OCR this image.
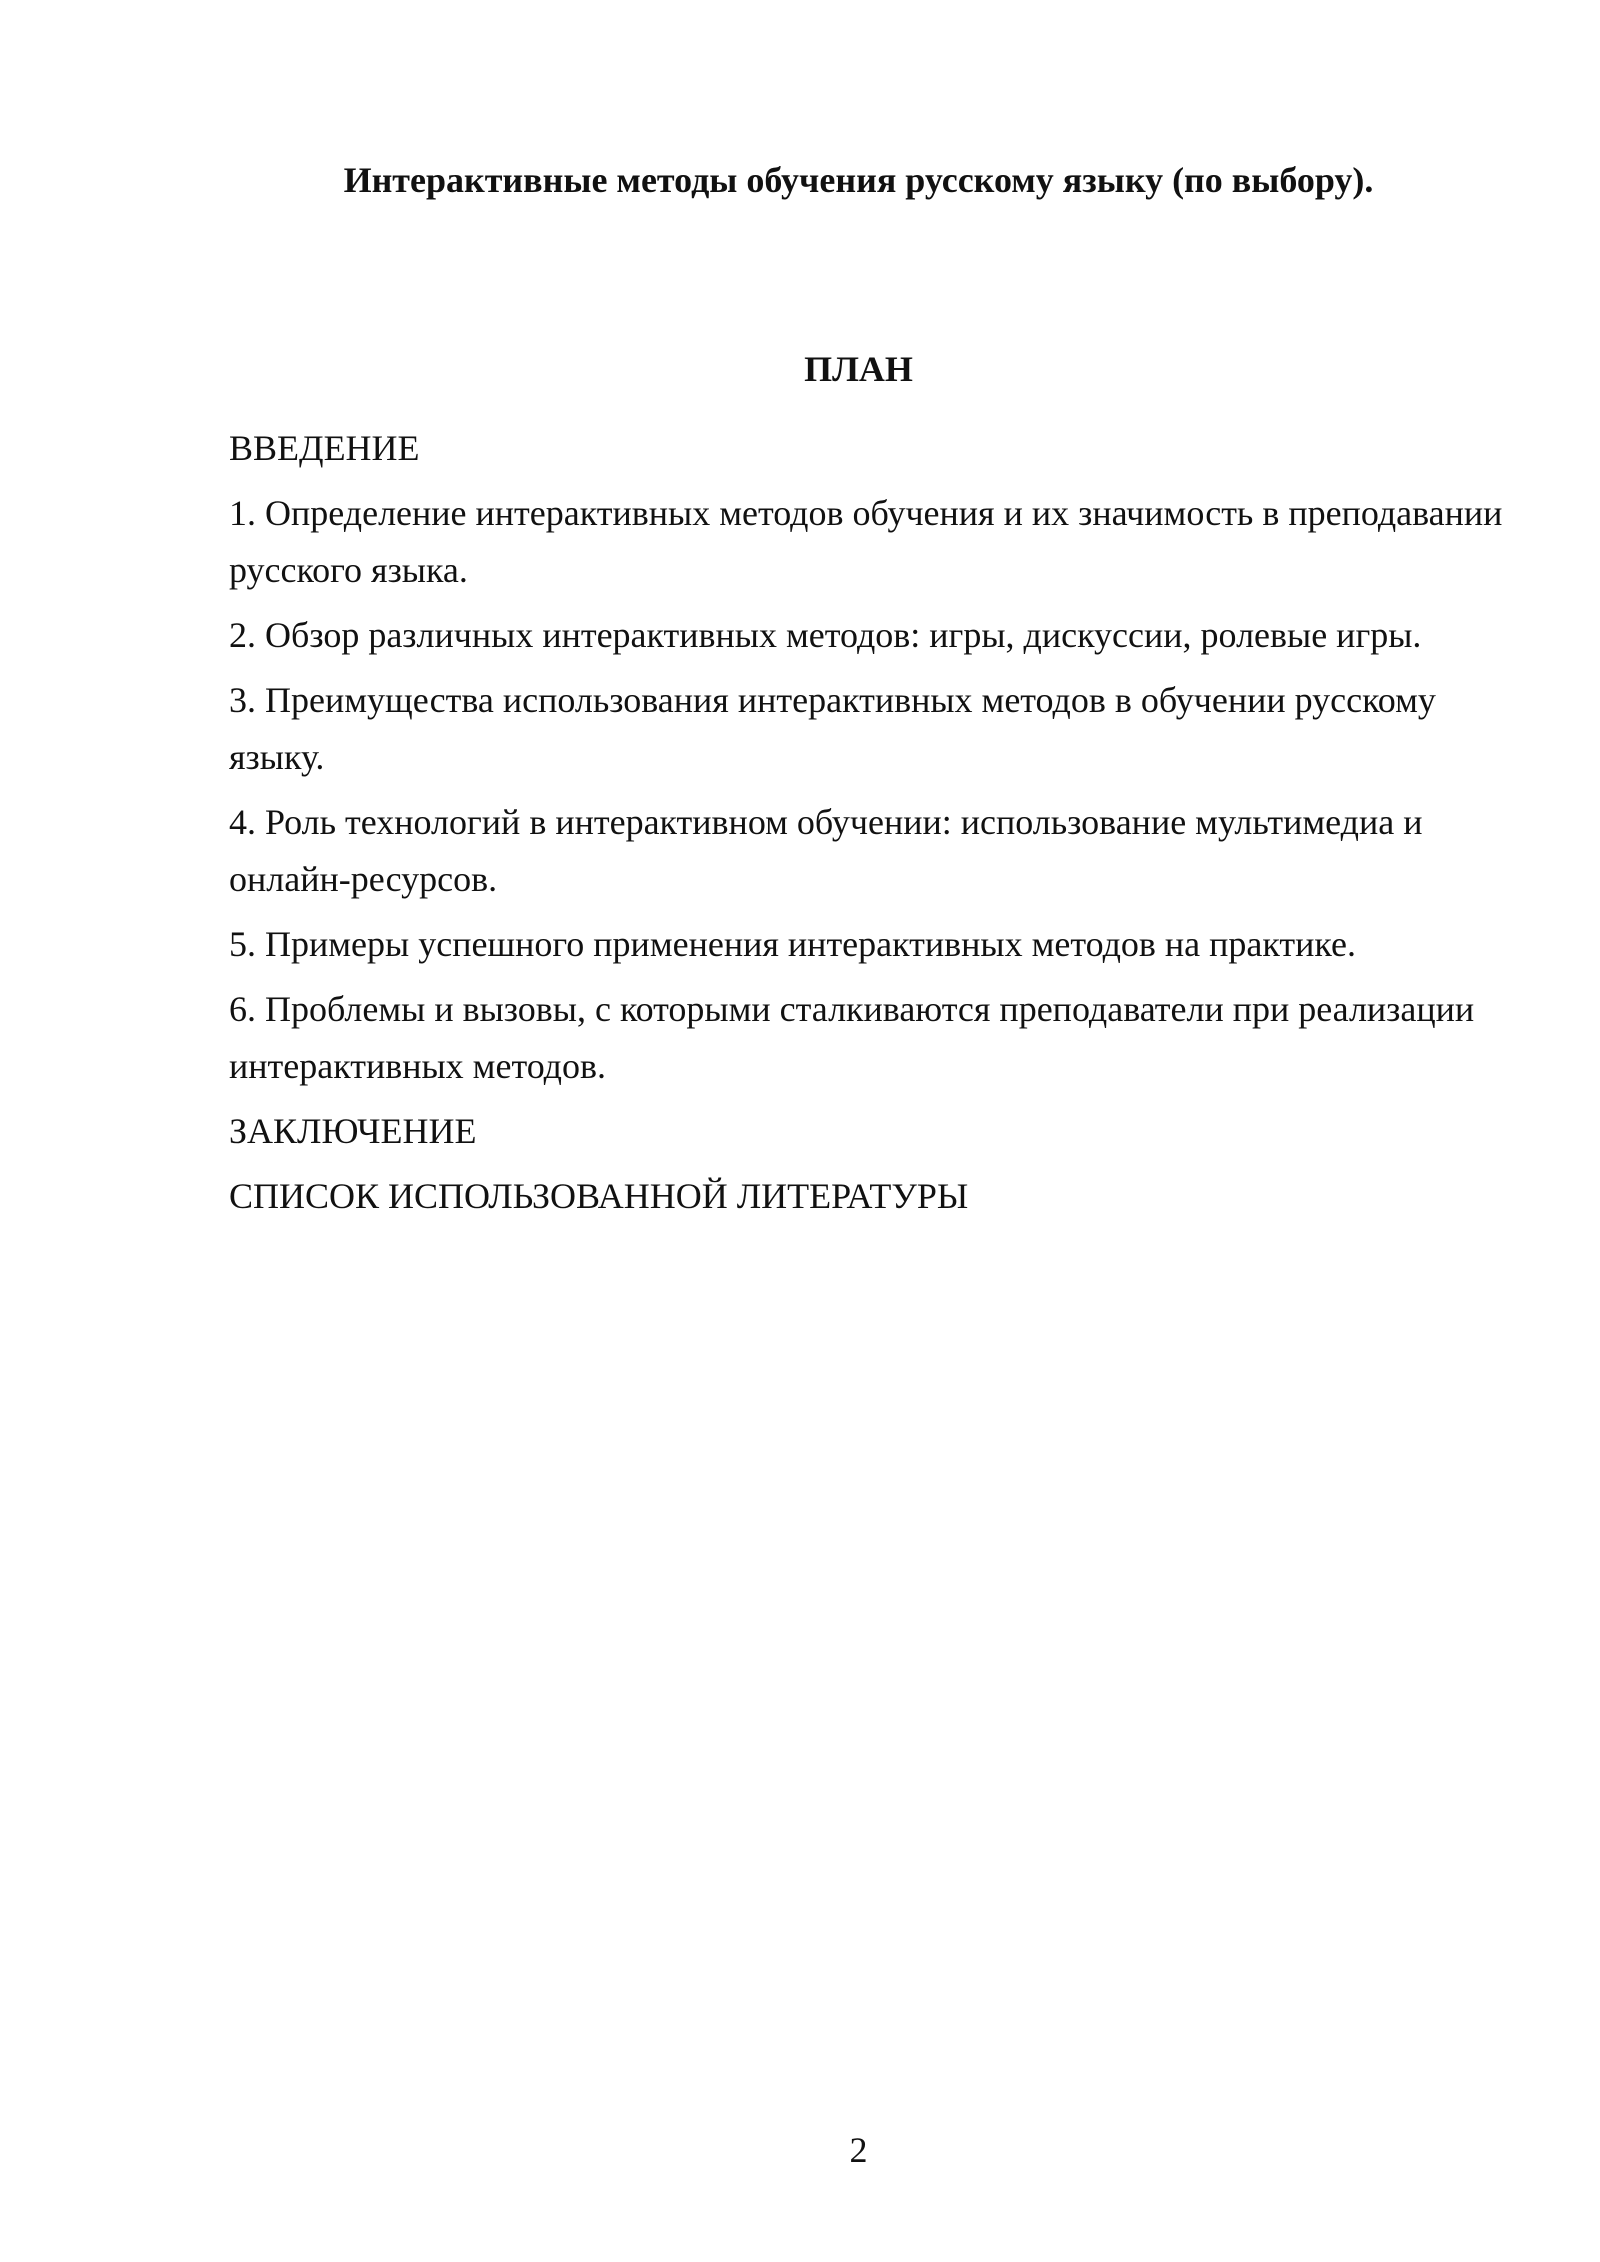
Интерактивные методы обучения русскому языку (по выбору).
ПЛАН
ВВЕДЕНИЕ
1. Определение интерактивных методов обучения и их значимость в преподавании русского языка.
2. Обзор различных интерактивных методов: игры, дискуссии, ролевые игры.
3. Преимущества использования интерактивных методов в обучении русскому языку.
4. Роль технологий в интерактивном обучении: использование мультимедиа и онлайн-ресурсов.
5. Примеры успешного применения интерактивных методов на практике.
6. Проблемы и вызовы, с которыми сталкиваются преподаватели при реализации интерактивных методов.
ЗАКЛЮЧЕНИЕ
СПИСОК ИСПОЛЬЗОВАННОЙ ЛИТЕРАТУРЫ
2
